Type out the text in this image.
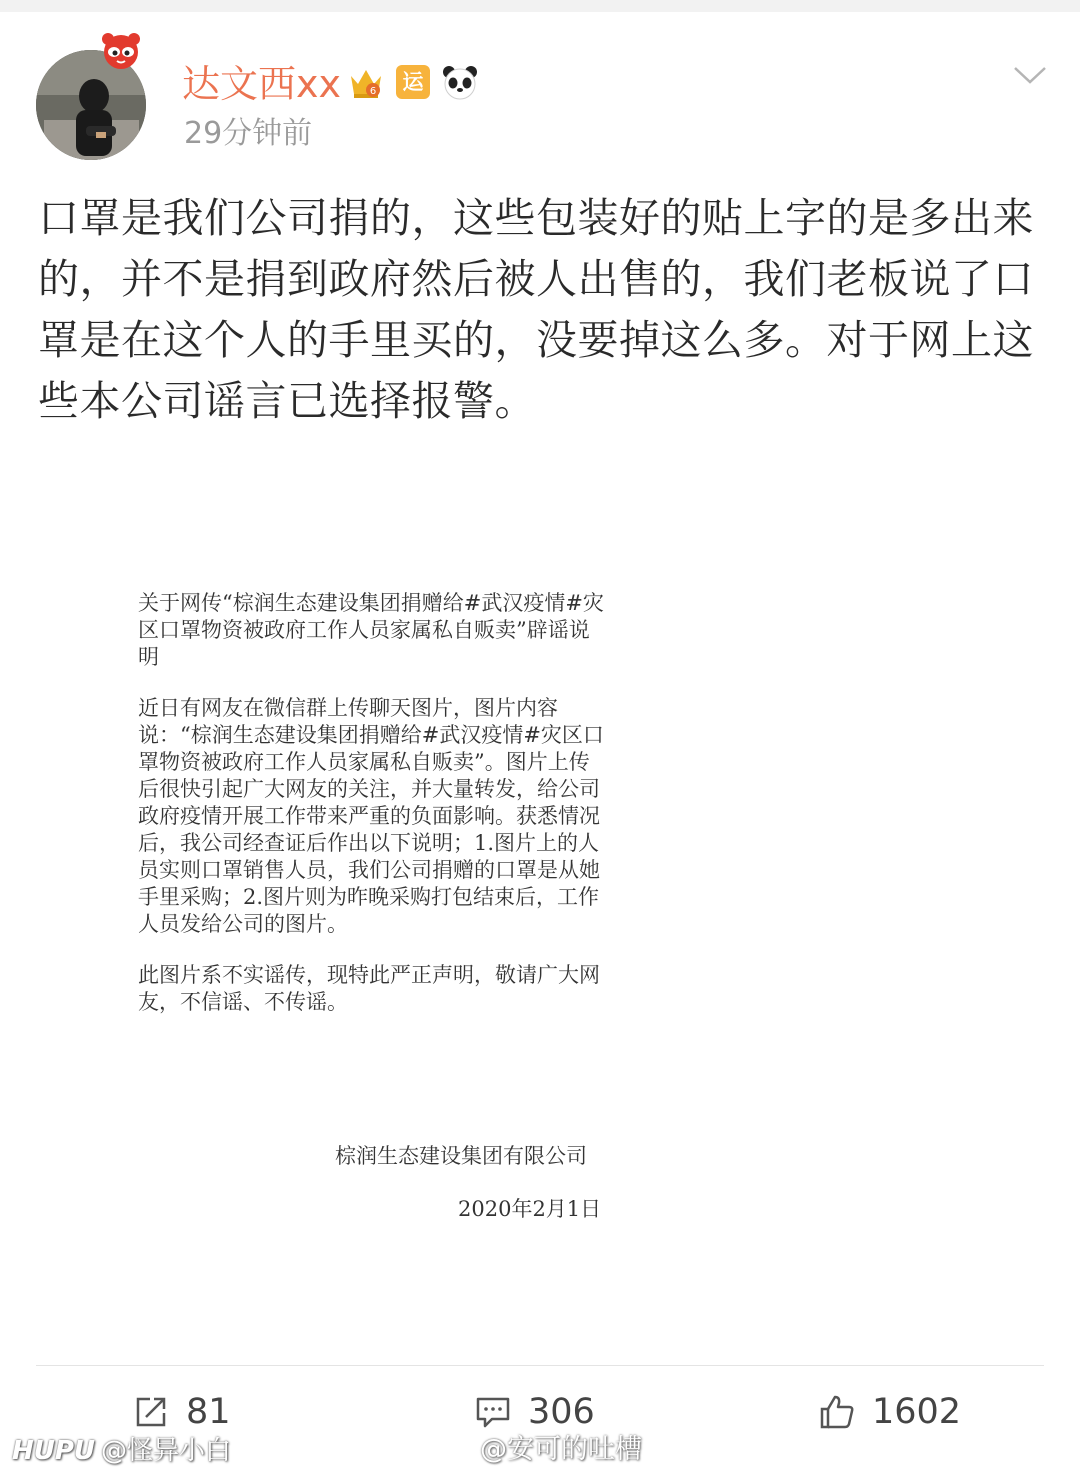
达文西xx	6	运
29分钟前
口罩是我们公司捐的，这些包装好的贴上字的是多出来的，并不是捐到政府然后被人出售的，我们老板说了口罩是在这个人的手里买的，没要掉这么多。对于网上这些本公司谣言已选择报警。

关于网传“棕润生态建设集团捐赠给#武汉疫情#灾区口罩物资被政府工作人员家属私自贩卖”辟谣说明

近日有网友在微信群上传聊天图片，图片内容说：“棕润生态建设集团捐赠给#武汉疫情#灾区口罩物资被政府工作人员家属私自贩卖”。图片上传后很快引起广大网友的关注，并大量转发，给公司政府疫情开展工作带来严重的负面影响。获悉情况后，我公司经查证后作出以下说明；1.图片上的人员实则口罩销售人员，我们公司捐赠的口罩是从她手里采购；2.图片则为昨晚采购打包结束后，工作人员发给公司的图片。

此图片系不实谣传，现特此严正声明，敬请广大网友，不信谣、不传谣。

棕润生态建设集团有限公司
2020年2月1日
81	306	1602
HUPU @怪异小白	@安可的吐槽
